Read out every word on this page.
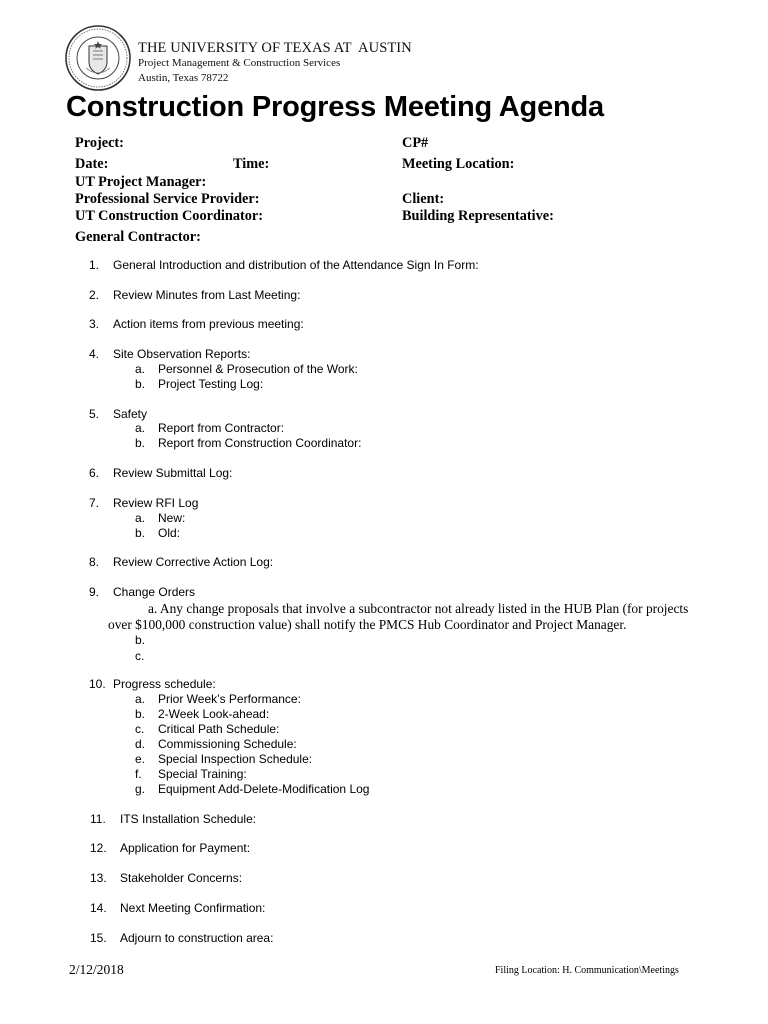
THE UNIVERSITY OF TEXAS AT  AUSTIN
Project Management & Construction Services
Austin, Texas 78722
Construction Progress Meeting Agenda
Project:	CP#
Date:	Time:	Meeting Location:
UT Project Manager:
Professional Service Provider:	Client:
UT Construction Coordinator:	Building Representative:
General Contractor:
1. General Introduction and distribution of the Attendance Sign In Form:
2. Review Minutes from Last Meeting:
3. Action items from previous meeting:
4. Site Observation Reports:
a. Personnel & Prosecution of the Work:
b. Project Testing Log:
5. Safety
a. Report from Contractor:
b. Report from Construction Coordinator:
6. Review Submittal Log:
7. Review RFI Log
a. New:
b. Old:
8. Review Corrective Action Log:
9. Change Orders
a. Any change proposals that involve a subcontractor not already listed in the HUB Plan (for projects
over $100,000 construction value) shall notify the PMCS Hub Coordinator and Project Manager.
b.
c.
10. Progress schedule:
a. Prior Week’s Performance:
b. 2-Week Look-ahead:
c. Critical Path Schedule:
d. Commissioning Schedule:
e. Special Inspection Schedule:
f. Special Training:
g. Equipment Add-Delete-Modification Log
11. ITS Installation Schedule:
12. Application for Payment:
13. Stakeholder Concerns:
14. Next Meeting Confirmation:
15. Adjourn to construction area:
2/12/2018	Filing Location: H. Communication\Meetings
